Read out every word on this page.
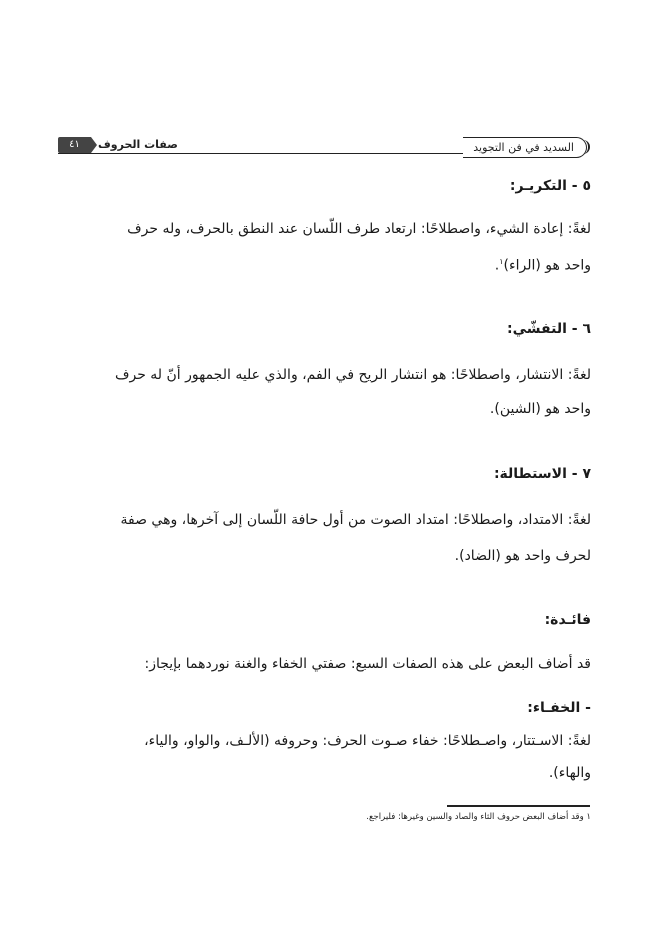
السديد في فن التجويد
صفات الحروف
٤١
٥ - التكريـر:
لغةً: إعادة الشيء، واصطلاحًا: ارتعاد طرف اللّسان عند النطق بالحرف، وله حرف
واحد هو (الراء)$^١$.
٦ - التفشّي:
لغةً: الانتشار، واصطلاحًا: هو انتشار الريح في الفم، والذي عليه الجمهور أنّ له حرف
واحد هو (الشين).
٧ - الاستطالة:
لغةً: الامتداد، واصطلاحًا: امتداد الصوت من أول حافة اللّسان إلى آخرها، وهي صفة
لحرف واحد هو (الضاد).
فائـدة:
قد أضاف البعض على هذه الصفات السبع: صفتي الخفاء والغنة نوردهما بإيجاز:
- الخفـاء:
لغةً: الاسـتتار، واصـطلاحًا: خفاء صـوت الحرف: وحروفه (الألـف، والواو، والياء،
والهاء).
١ وقد أضاف البعض حروف الثاء والصاد والسين وغيرها: فليراجع.
